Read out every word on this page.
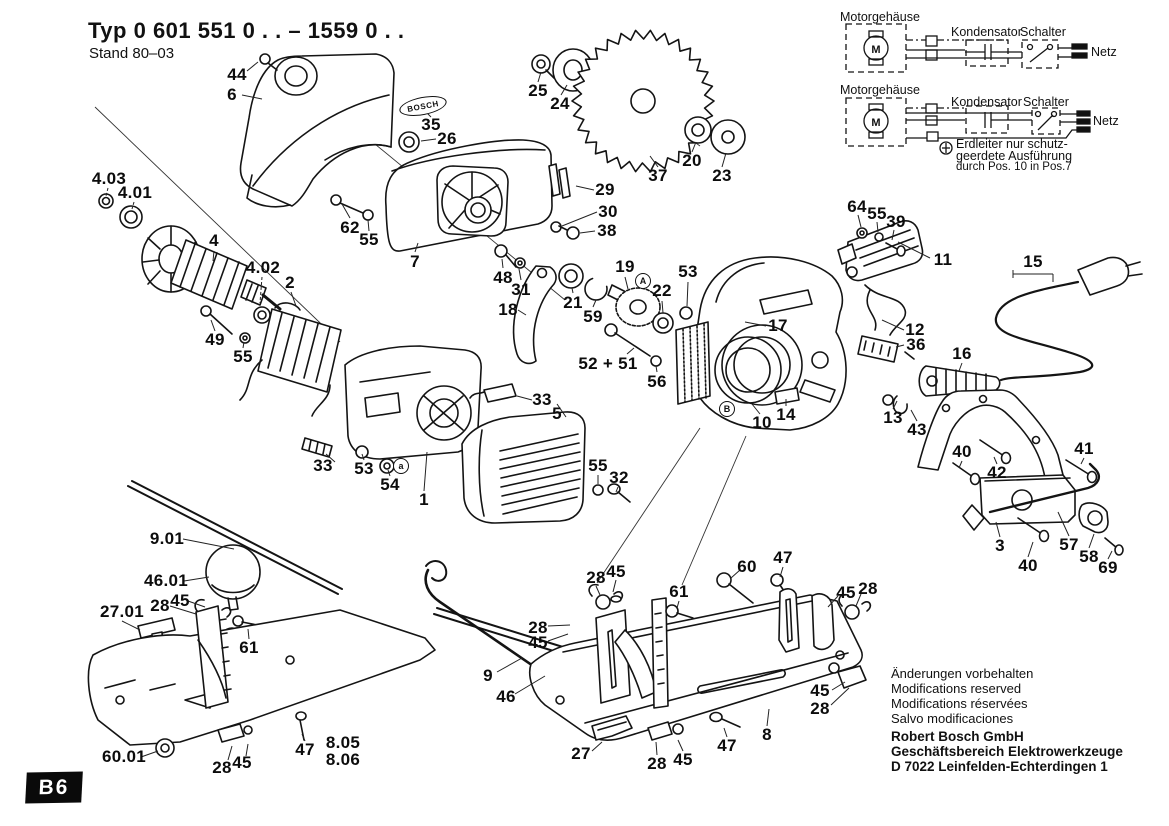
M
M
Typ 0 601 551 0 . . – 1559 0 . .
Stand 80–03
BOSCH
Motorgehäuse
Kondensator
Schalter
Netz
Motorgehäuse
Kondensator Schalter
Netz
Erdleiter nur schutz-
geerdete Ausführung
durch Pos. 10 in Pos.7
Änderungen vorbehalten
Modifications reserved
Modifications réservées
Salvo modificaciones
Robert Bosch GmbH
Geschäftsbereich Elektrowerkzeuge
D 7022 Leinfelden-Echterdingen 1
B6
44
6
35
26
25
24
37
20
23
29
30
38
62
55
7
4.03
4.01
4
4.02
2
49
55
48
31
18	21
59
19
22
53
17
52 + 51
56
33
5	10 14
64 55 39
11	15
12
36 16
13
43
40
42
41
3
40
57
58
69
33 53
54
1
55
32
9.01
46.01
28 45
27.01
61
60.01
28 45
47 8.05
8.06
28 45
61
60 47
45 28
28
45
9
46	45
28
8
47
27
28 45
A
B
a
